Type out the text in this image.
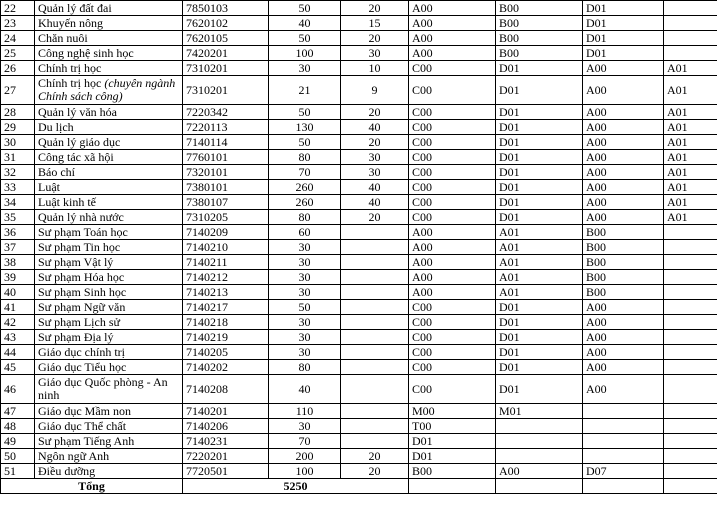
22	Quản lý đất đai	7850103	50	20	A00	B00	D01	
23	Khuyến nông	7620102	40	15	A00	B00	D01	
24	Chăn nuôi	7620105	50	20	A00	B00	D01	
25	Công nghệ sinh học	7420201	100	30	A00	B00	D01	
26	Chính trị học	7310201	30	10	C00	D01	A00	A01
27	Chính trị học (chuyên ngành Chính sách công)	7310201	21	9	C00	D01	A00	A01
28	Quản lý văn hóa	7220342	50	20	C00	D01	A00	A01
29	Du lịch	7220113	130	40	C00	D01	A00	A01
30	Quản lý giáo dục	7140114	50	20	C00	D01	A00	A01
31	Công tác xã hội	7760101	80	30	C00	D01	A00	A01
32	Báo chí	7320101	70	30	C00	D01	A00	A01
33	Luật	7380101	260	40	C00	D01	A00	A01
34	Luật kinh tế	7380107	260	40	C00	D01	A00	A01
35	Quản lý nhà nước	7310205	80	20	C00	D01	A00	A01
36	Sư phạm Toán học	7140209	60		A00	A01	B00	
37	Sư phạm Tin học	7140210	30		A00	A01	B00	
38	Sư phạm Vật lý	7140211	30		A00	A01	B00	
39	Sư phạm Hóa học	7140212	30		A00	A01	B00	
40	Sư phạm Sinh học	7140213	30		A00	A01	B00	
41	Sư phạm Ngữ văn	7140217	50		C00	D01	A00	
42	Sư phạm Lịch sử	7140218	30		C00	D01	A00	
43	Sư phạm Địa lý	7140219	30		C00	D01	A00	
44	Giáo dục chính trị	7140205	30		C00	D01	A00	
45	Giáo dục Tiểu học	7140202	80		C00	D01	A00	
46	Giáo dục Quốc phòng - An ninh	7140208	40		C00	D01	A00	
47	Giáo dục Mầm non	7140201	110		M00	M01		
48	Giáo dục Thể chất	7140206	30		T00			
49	Sư phạm Tiếng Anh	7140231	70		D01			
50	Ngôn ngữ Anh	7220201	200	20	D01			
51	Điều dưỡng	7720501	100	20	B00	A00	D07	
Tổng		5250						
